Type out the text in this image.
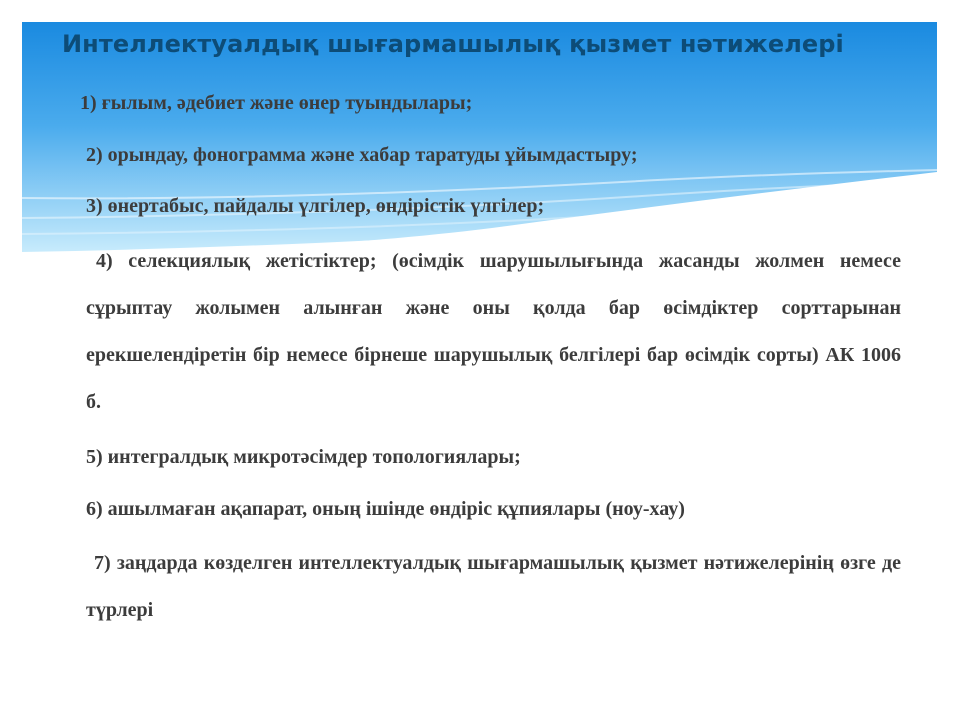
Интеллектуалдық шығармашылық қызмет нәтижелері

1) ғылым, әдебиет және өнер туындылары;

2) орындау, фонограмма және хабар таратуды ұйымдастыру;

3) өнертабыс, пайдалы үлгілер, өндірістік үлгілер;

4) селекциялық жетістіктер; (өсімдік шарушылығында жасанды жолмен немесе сұрыптау жолымен алынған және оны қолда бар өсімдіктер сорттарынан ерекшелендіретін бір немесе бірнеше шарушылық белгілері бар өсімдік сорты) АК 1006 б.

5) интегралдық микротәсімдер топологиялары;

6) ашылмаған ақапарат, оның ішінде өндіріс құпиялары (ноу-хау)

7) заңдарда көзделген интеллектуалдық шығармашылық қызмет нәтижелерінің өзге де түрлері
